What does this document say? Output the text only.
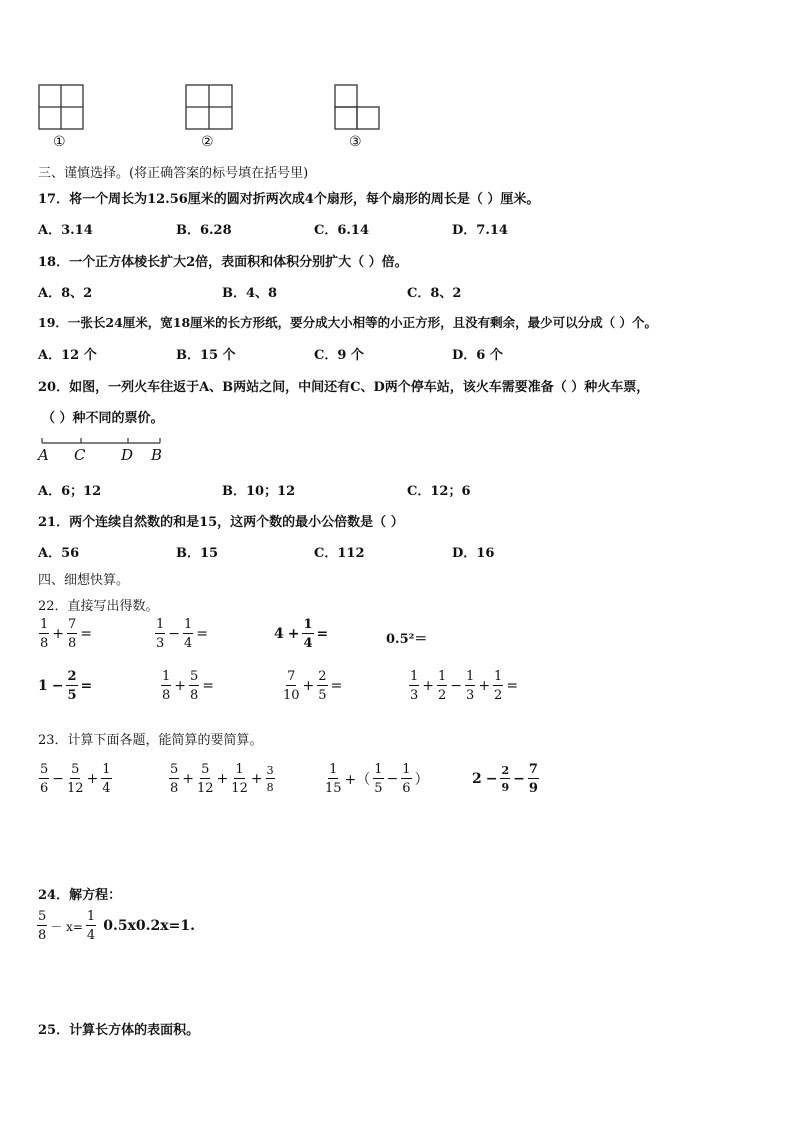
①	②	③
三、谨慎选择。(将正确答案的标号填在括号里)
17．将一个周长为12.56厘米的圆对折两次成4个扇形，每个扇形的周长是（ ）厘米。
A．3.14	B．6.28	C．6.14	D．7.14
18．一个正方体棱长扩大2倍，表面积和体积分别扩大（ ）倍。
A．8、2	B．4、8	C．8、2
19．一张长24厘米，宽18厘米的长方形纸，要分成大小相等的小正方形，且没有剩余，最少可以分成（ ）个。
A．12 个	B．15 个	C．9 个	D．6 个
20．如图，一列火车往返于A、B两站之间，中间还有C、D两个停车站，该火车需要准备（ ）种火车票，
（ ）种不同的票价。
A C D B
A．6；12	B．10；12	C．12；6
21．两个连续自然数的和是15，这两个数的最小公倍数是（ ）
A．56	B．15	C．112	D．16
四、细想快算。
22．直接写出得数。
$\frac{1}{8} + \frac{7}{8}$ =	$\frac{1}{3} - \frac{1}{4}$ =	$4 + \frac{1}{4}$ =	0.5²＝
$1 - \frac{2}{5}$ =	$\frac{1}{8} + \frac{5}{8}$ =	$\frac{7}{10} + \frac{2}{5}$ =	$\frac{1}{3} + \frac{1}{2} - \frac{1}{3} + \frac{1}{2}$ =
23．计算下面各题，能简算的要简算。
$\frac{5}{6} - \frac{5}{12} + \frac{1}{4}$	$\frac{5}{8} + \frac{5}{12} + \frac{1}{12} + \frac{3}{8}$	$\frac{1}{15}$ +（ $\frac{1}{5} - \frac{1}{6}$ ）	$2 - \frac{2}{9} - \frac{7}{9}$
24．解方程：
$\frac{5}{8} - x= \frac{1}{4} 0.5x0.2x=1$.
25．计算长方体的表面积。
